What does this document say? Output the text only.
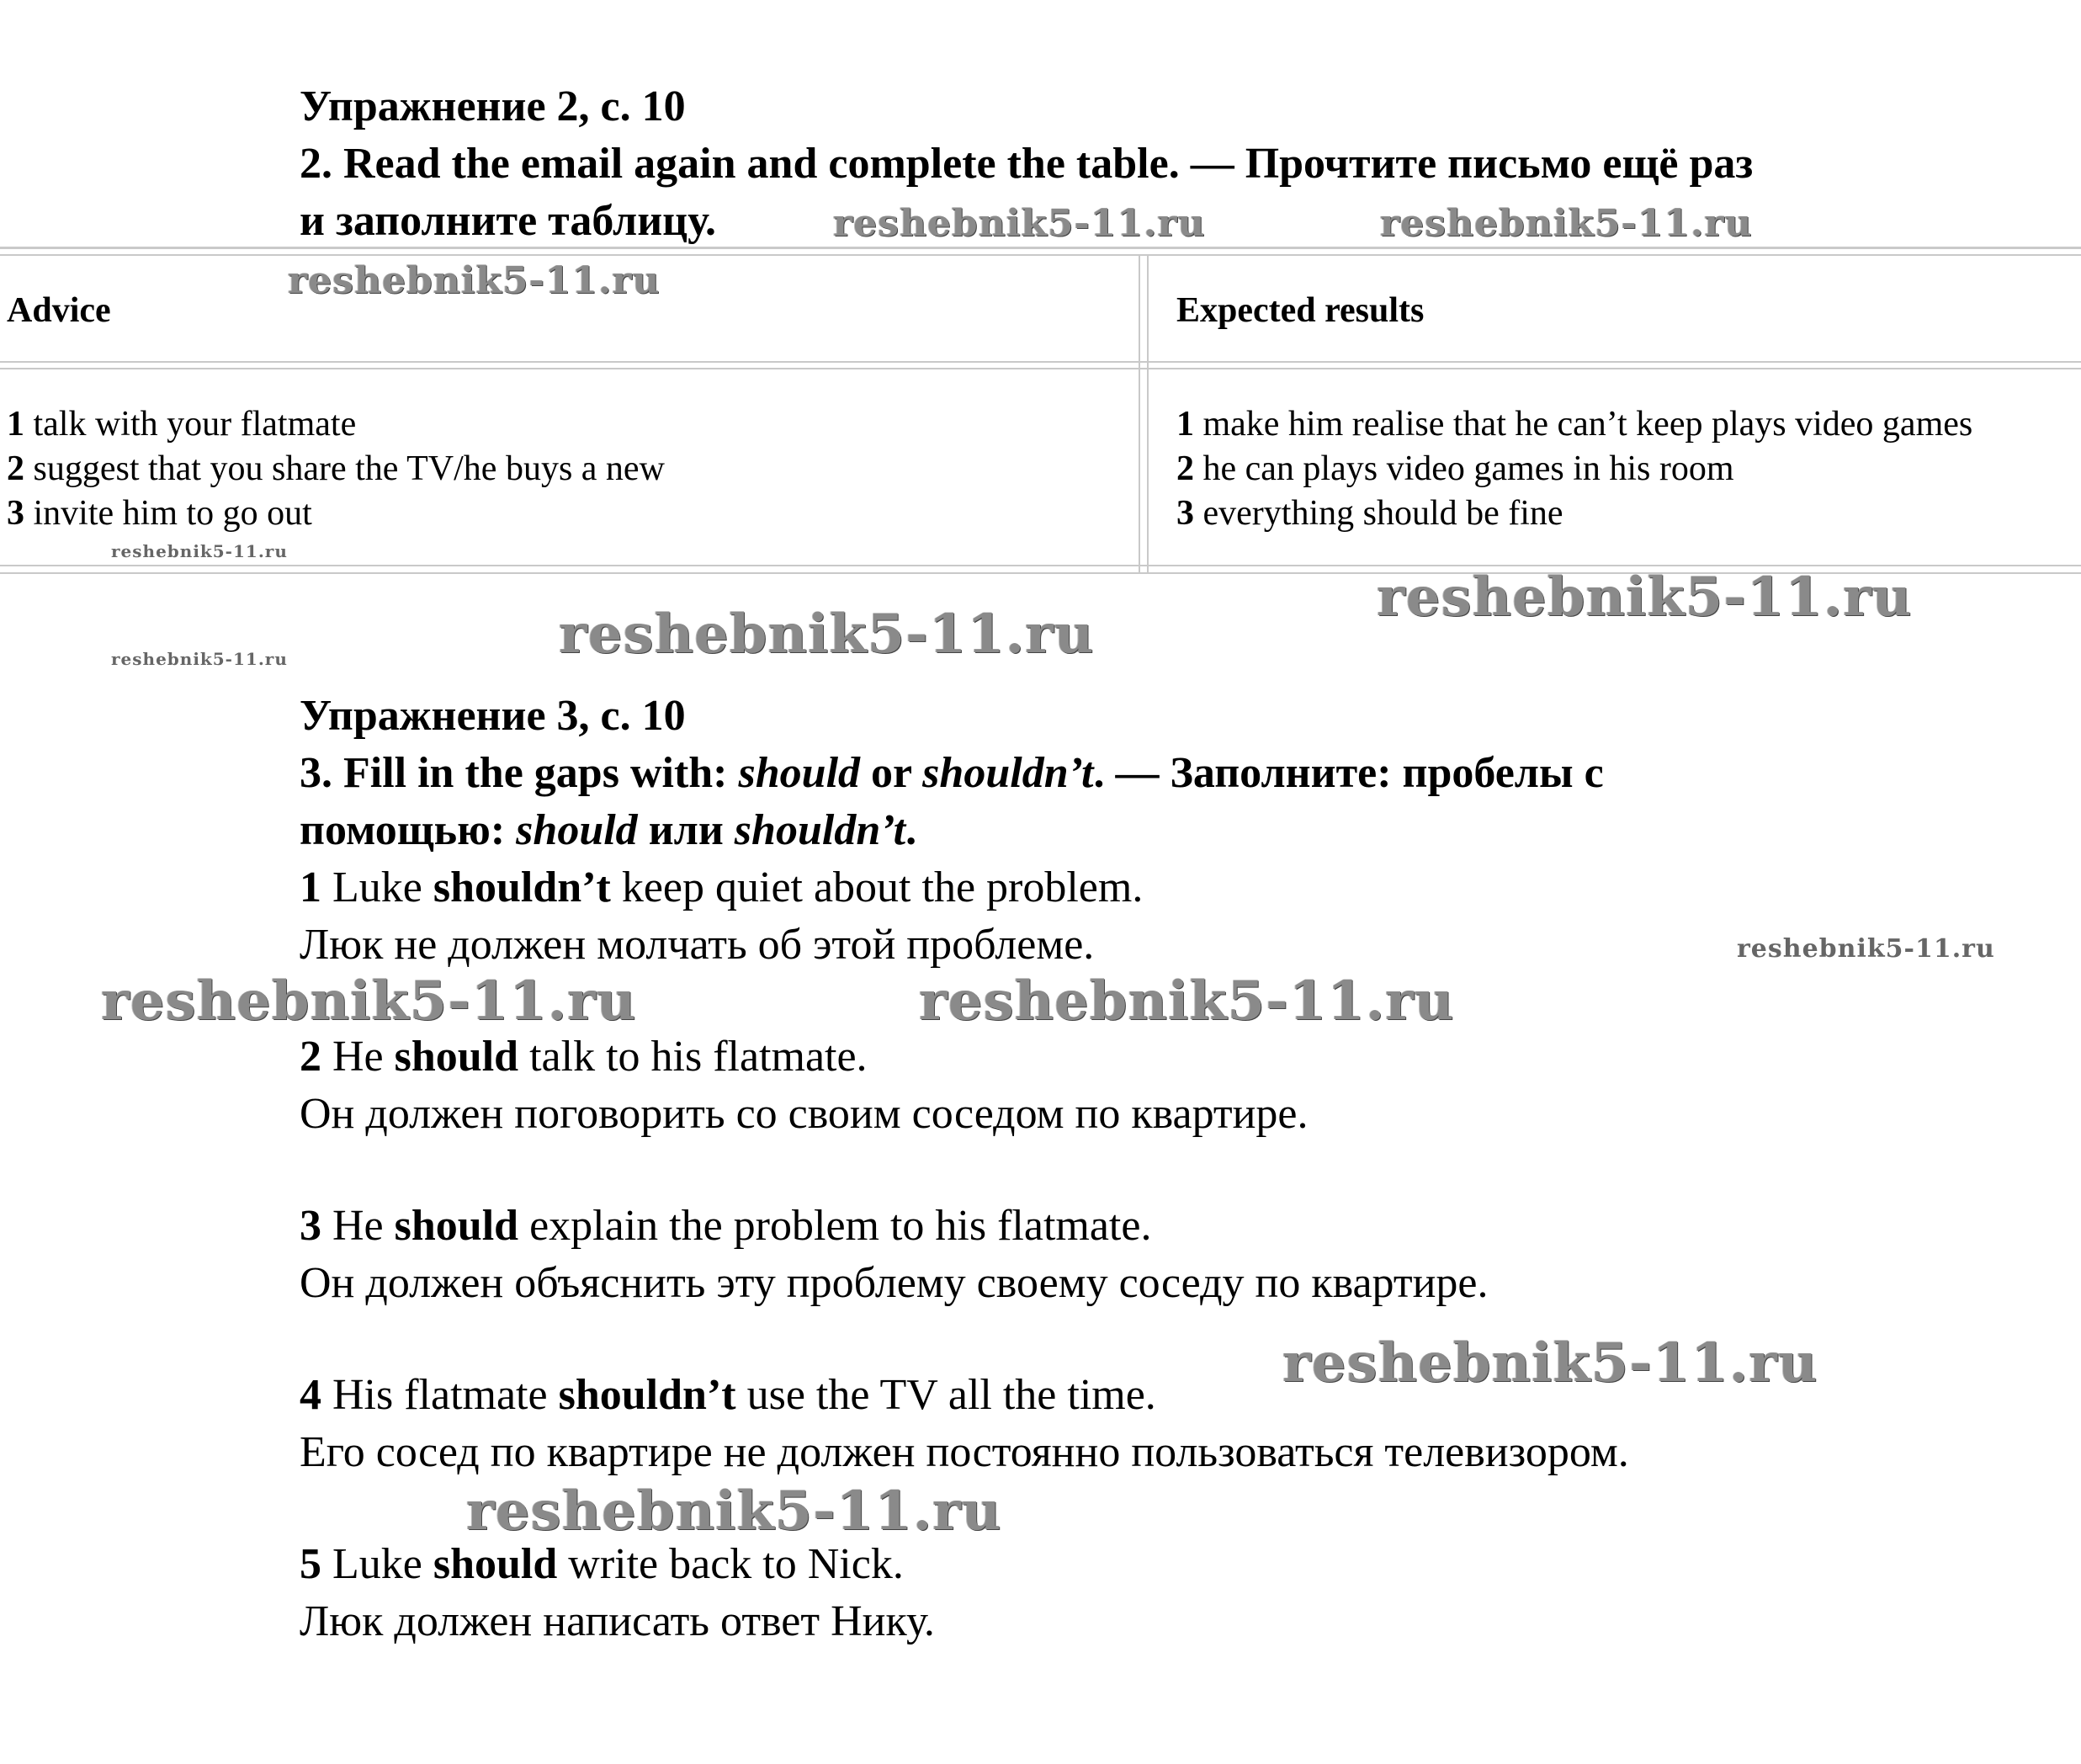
Упражнение 2, с. 10
2. Read the email again and complete the table. — Прочтите письмо ещё раз
и заполните таблицу.
Advice	Expected results
1 talk with your flatmate
2 suggest that you share the TV/he buys a new
3 invite him to go out
1 make him realise that he can’t keep plays video games
2 he can plays video games in his room
3 everything should be fine
Упражнение 3, с. 10
3. Fill in the gaps with: should or shouldn’t. — Заполните: пробелы с
помощью: should или shouldn’t.
1 Luke shouldn’t keep quiet about the problem.
Люк не должен молчать об этой проблеме.
2 He should talk to his flatmate.
Он должен поговорить со своим соседом по квартире.
3 He should explain the problem to his flatmate.
Он должен объяснить эту проблему своему соседу по квартире.
4 His flatmate shouldn’t use the TV all the time.
Его сосед по квартире не должен постоянно пользоваться телевизором.
5 Luke should write back to Nick.
Люк должен написать ответ Нику.
reshebnik5-11.ru	reshebnik5-11.ru
reshebnik5-11.ru
reshebnik5-11.ru
reshebnik5-11.ru
reshebnik5-11.ru
reshebnik5-11.ru
reshebnik5-11.ru
reshebnik5-11.ru	reshebnik5-11.ru
reshebnik5-11.ru
reshebnik5-11.ru
